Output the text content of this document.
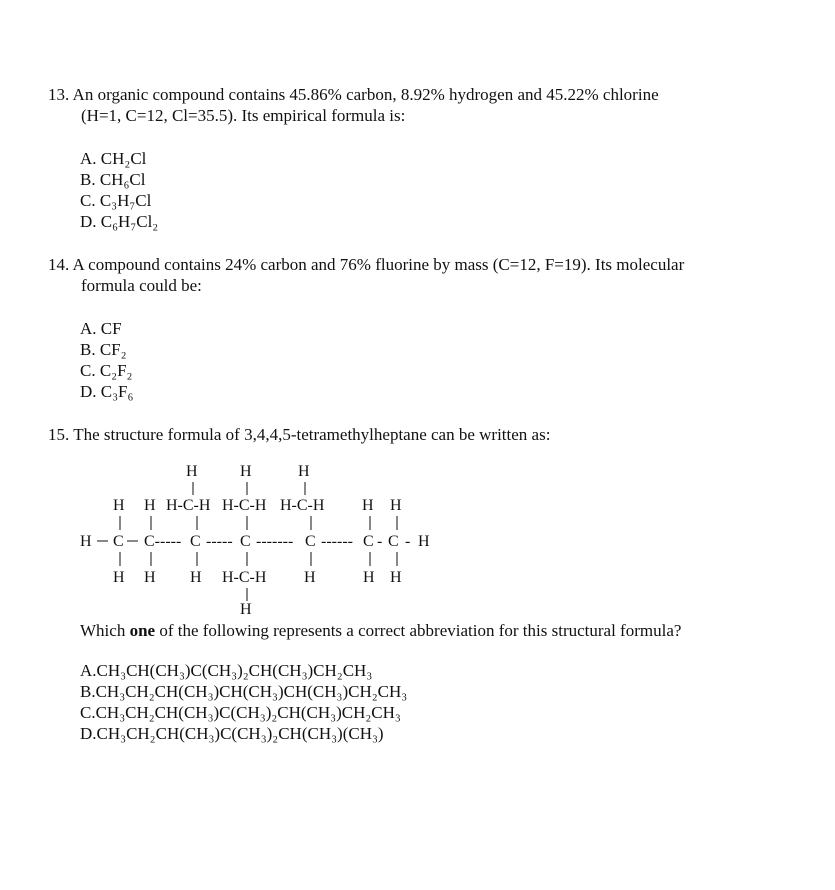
13. An organic compound contains 45.86% carbon, 8.92% hydrogen and 45.22% chlorine
(H=1, C=12, Cl=35.5). Its empirical formula is:
A. CH₂Cl
B. CH₆Cl
C. C₃H₇Cl
D. C₆H₇Cl₂
14. A compound contains 24% carbon and 76% fluorine by mass (C=12, F=19). Its molecular
formula could be:
A. CF
B. CF₂
C. C₂F₂
D. C₃F₆
15. The structure formula of 3,4,4,5-tetramethylheptane can be written as:
H	H	H
H H H-C-H H-C-H H-C-H H H
H C C----- C ----- C ------- C ------ C - C - H
H H H H-C-H H	H H
H
Which one of the following represents a correct abbreviation for this structural formula?
A.CH₃CH(CH₃)C(CH₃)₂CH(CH₃)CH₂CH₃
B.CH₃CH₂CH(CH₃)CH(CH₃)CH(CH₃)CH₂CH₃
C.CH₃CH₂CH(CH₃)C(CH₃)₂CH(CH₃)CH₂CH₃
D.CH₃CH₂CH(CH₃)C(CH₃)₂CH(CH₃)(CH₃)
